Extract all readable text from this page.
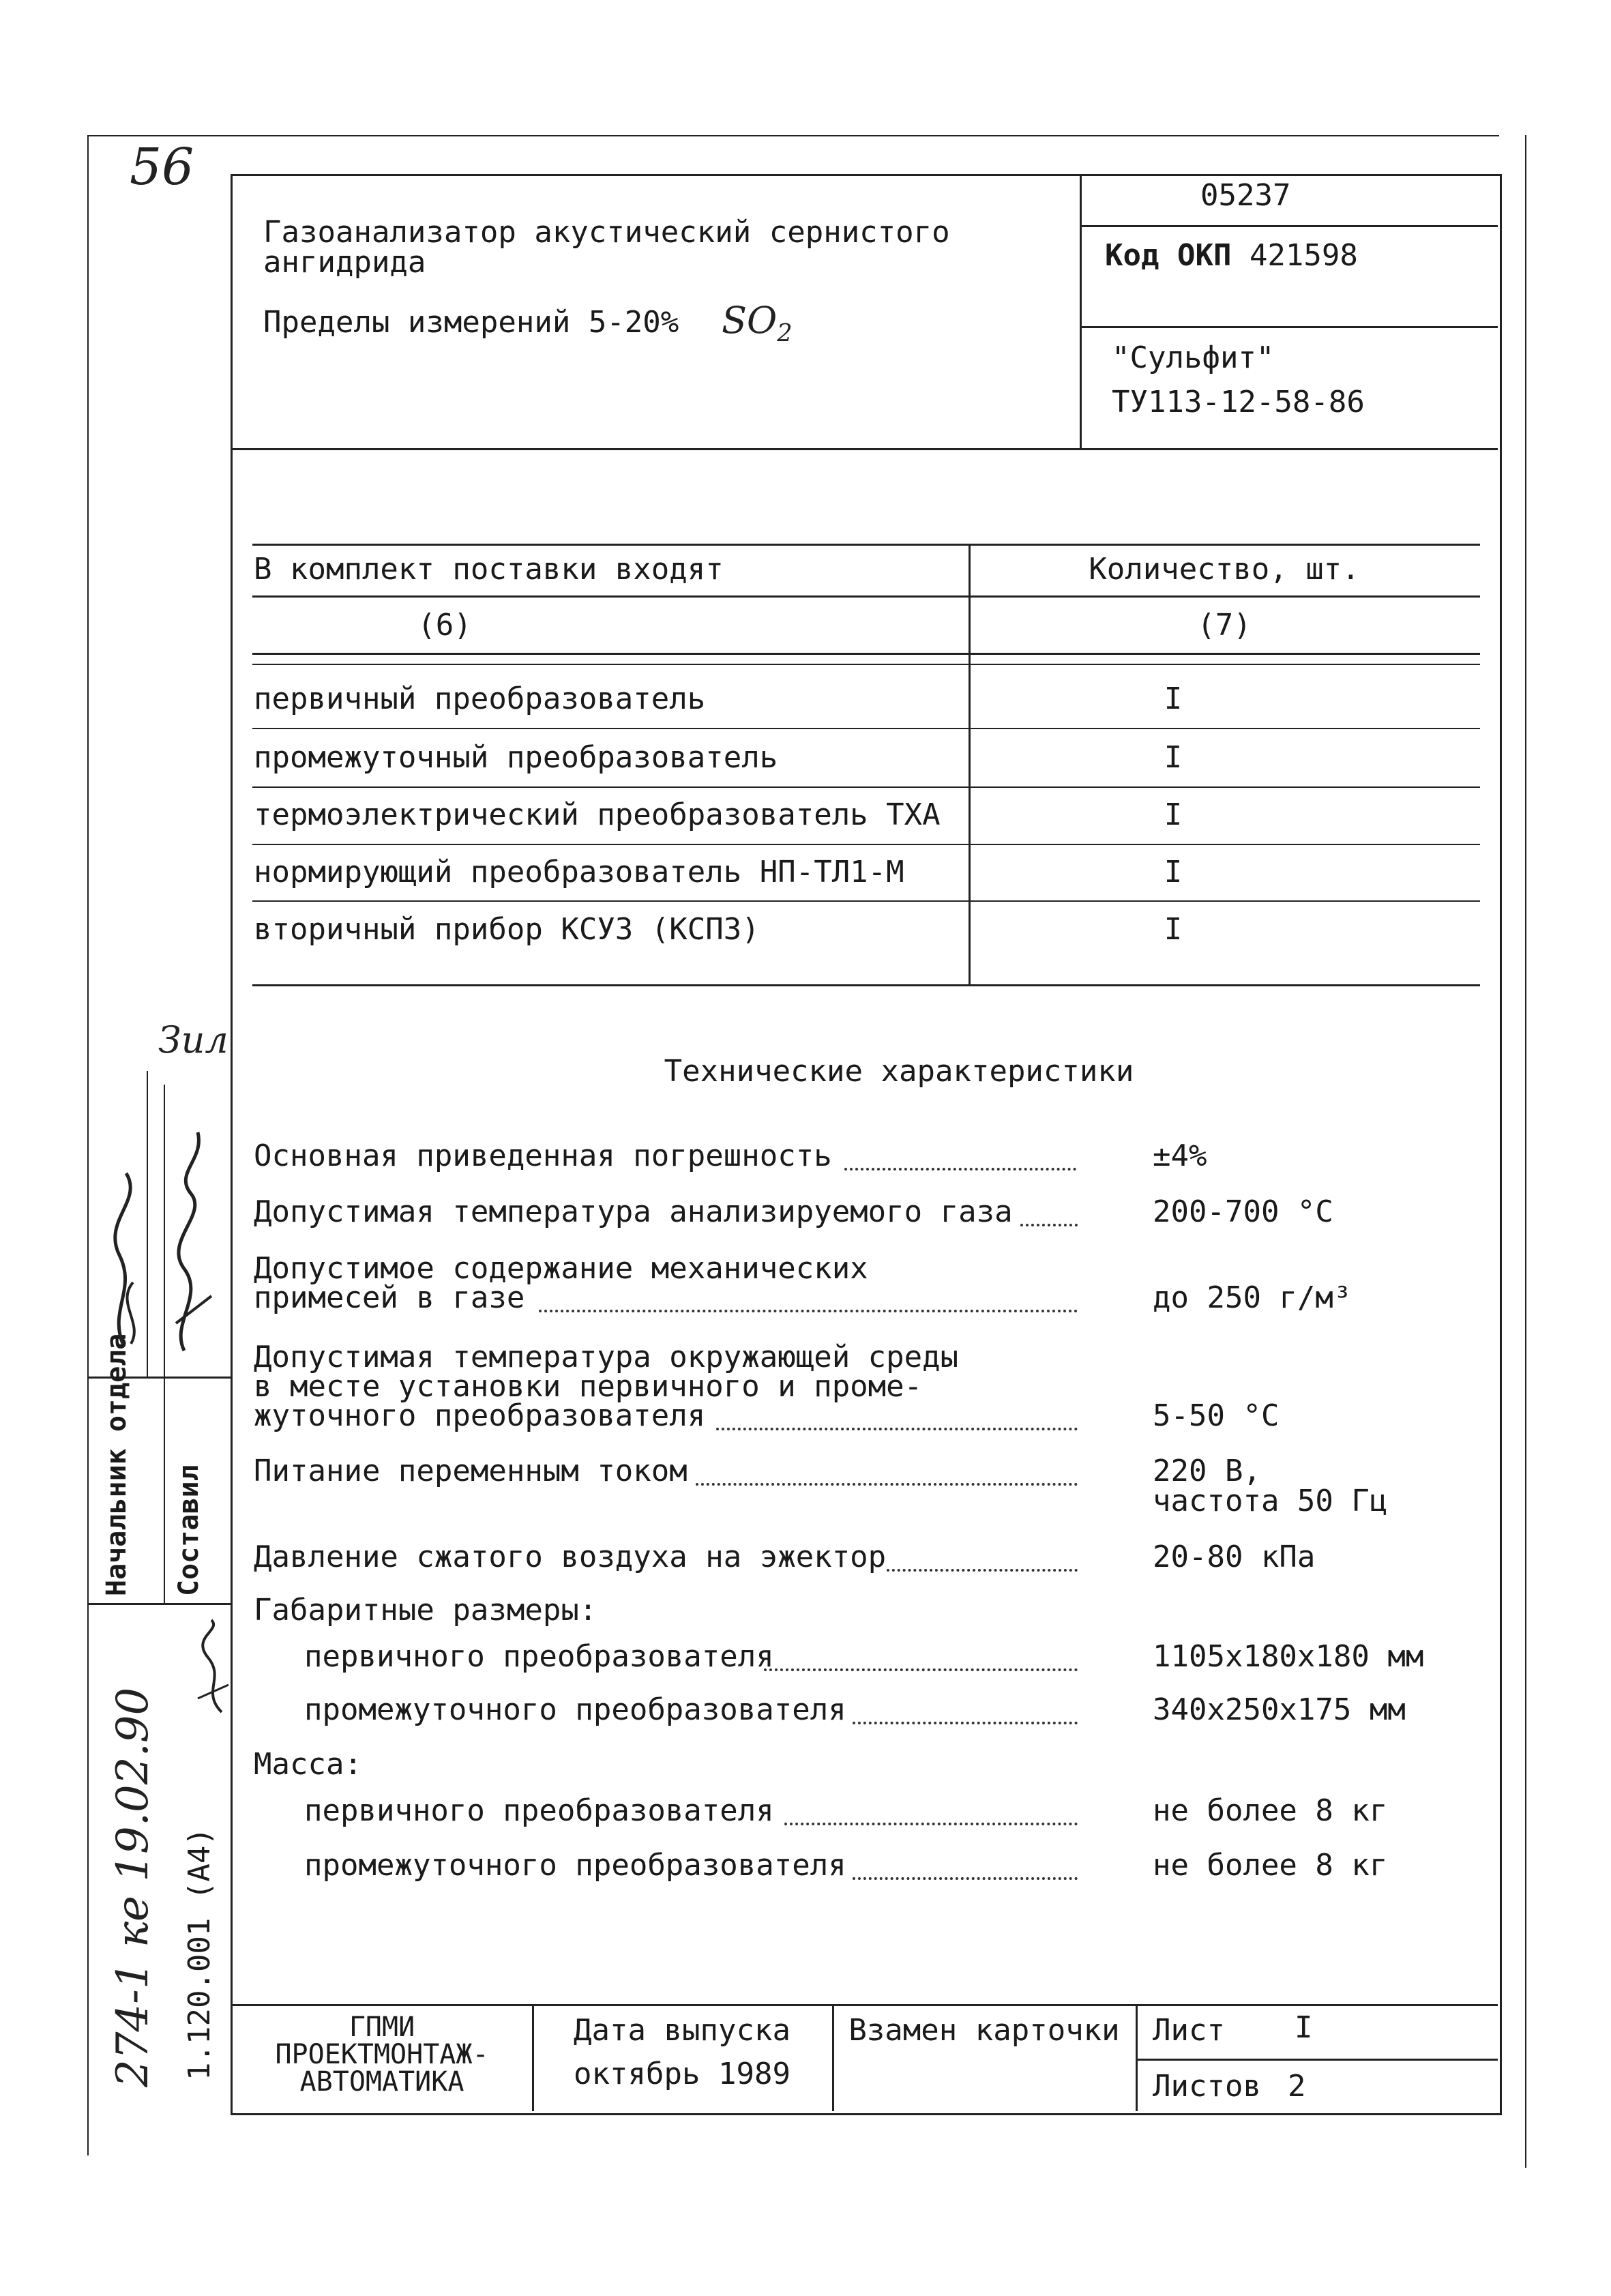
56
Газоанализатор акустический сернистого
ангидрида
Пределы измерений 5-20% $SO_2$
05237
Код ОКП 421598
"Сульфит"
ТУ113-12-58-86
В комплект поставки входят	Количество, шт.
(6)	(7)
первичный преобразователь	I
промежуточный преобразователь	I
термоэлектрический преобразователь ТХА	I
нормирующий преобразователь НП-ТЛ1-М	I
вторичный прибор КСУЗ (КСПЗ)	I
Технические характеристики
Основная приведенная погрешность	±4%
Допустимая температура анализируемого газа	200-700 °C
Допустимое содержание механических
примесей в газе	до 250 г/м³
Допустимая температура окружающей среды
в месте установки первичного и проме-
жуточного преобразователя	5-50 °C
Питание переменным током	220 В,
частота 50 Гц
Давление сжатого воздуха на эжектор	20-80 кПа
Габаритные размеры:
первичного преобразователя	1105x180x180 мм
промежуточного преобразователя	340x250x175 мм
Масса:
первичного преобразователя	не более 8 кг
промежуточного преобразователя	не более 8 кг
ГПМИ
ПРОЕКТМОНТАЖ-
АВТОМАТИКА
Дата выпуска
октябрь 1989
Взамен карточки	Лист I
Листов 2
Начальник отдела Составил
Зил
1.120.001 (А4)
274-1 ке 19.02.90
